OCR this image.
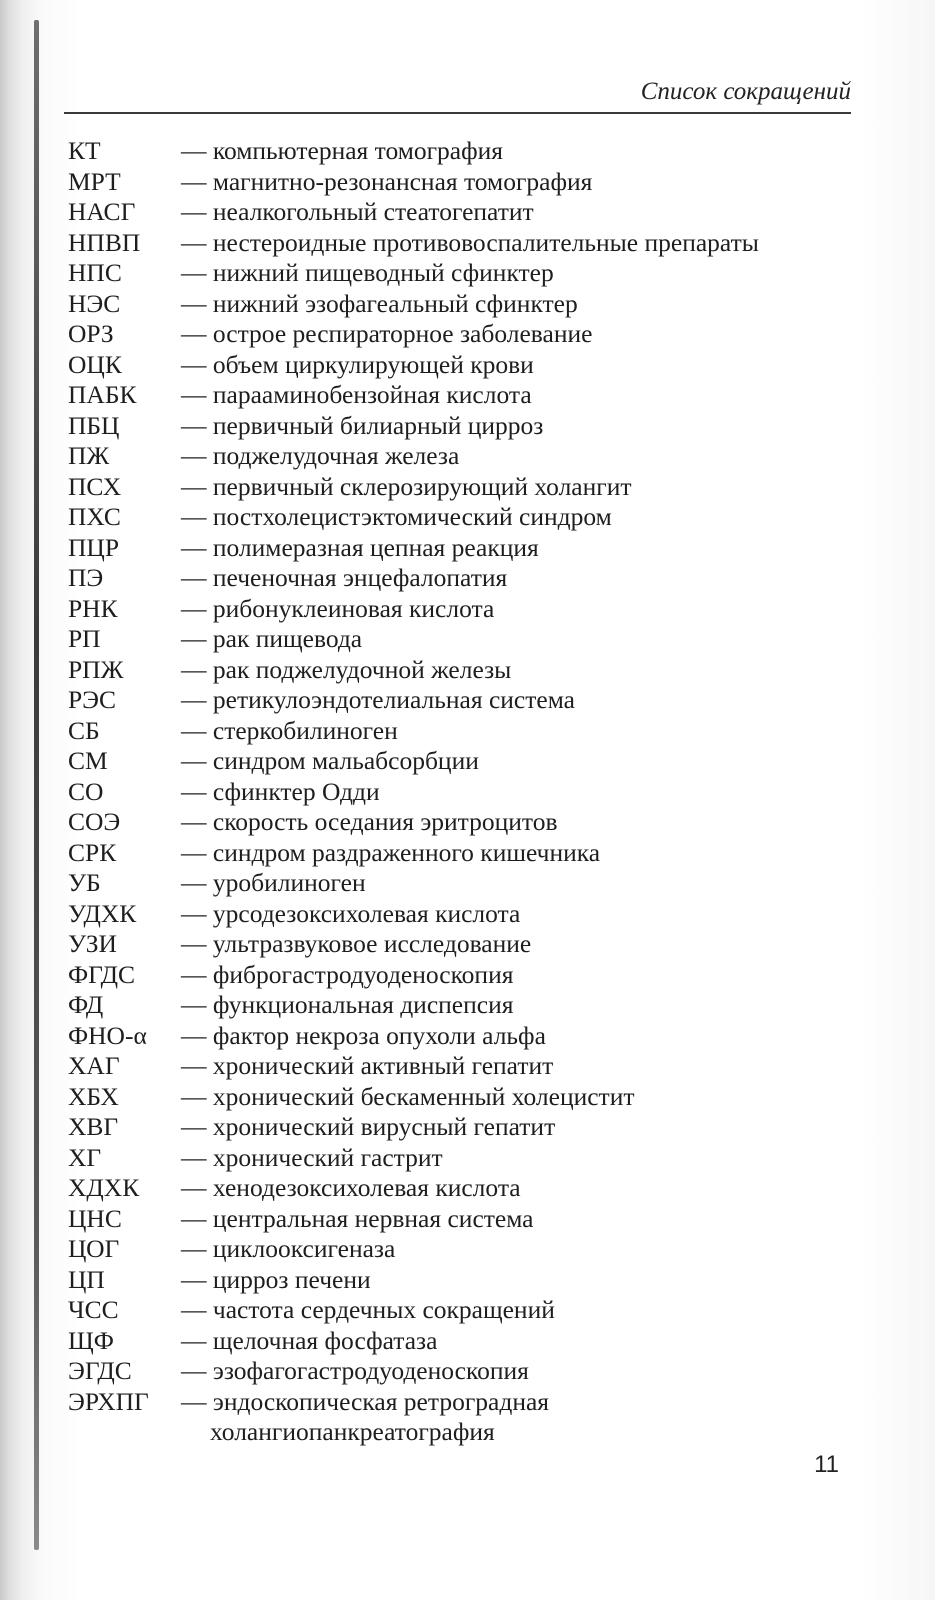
Список сокращений
КТ	— компьютерная томография
МРТ	— магнитно-резонансная томография
НАСГ	— неалкогольный стеатогепатит
НПВП	— нестероидные противовоспалительные препараты
НПС	— нижний пищеводный сфинктер
НЭС	— нижний эзофагеальный сфинктер
ОРЗ	— острое респираторное заболевание
ОЦК	— объем циркулирующей крови
ПАБК	— парааминобензойная кислота
ПБЦ	— первичный билиарный цирроз
ПЖ	— поджелудочная железа
ПСХ	— первичный склерозирующий холангит
ПХС	— постхолецистэктомический синдром
ПЦР	— полимеразная цепная реакция
ПЭ	— печеночная энцефалопатия
РНК	— рибонуклеиновая кислота
РП	— рак пищевода
РПЖ	— рак поджелудочной железы
РЭС	— ретикулоэндотелиальная система
СБ	— стеркобилиноген
СМ	— синдром мальабсорбции
СО	— сфинктер Одди
СОЭ	— скорость оседания эритроцитов
СРК	— синдром раздраженного кишечника
УБ	— уробилиноген
УДХК	— урсодезоксихолевая кислота
УЗИ	— ультразвуковое исследование
ФГДС	— фиброгастродуоденоскопия
ФД	— функциональная диспепсия
ФНО-α	— фактор некроза опухоли альфа
ХАГ	— хронический активный гепатит
ХБХ	— хронический бескаменный холецистит
ХВГ	— хронический вирусный гепатит
ХГ	— хронический гастрит
ХДХК	— хенодезоксихолевая кислота
ЦНС	— центральная нервная система
ЦОГ	— циклооксигеназа
ЦП	— цирроз печени
ЧСС	— частота сердечных сокращений
ЩФ	— щелочная фосфатаза
ЭГДС	— эзофагогастродуоденоскопия
ЭРХПГ	— эндоскопическая ретроградная
холангиопанкреатография
11
